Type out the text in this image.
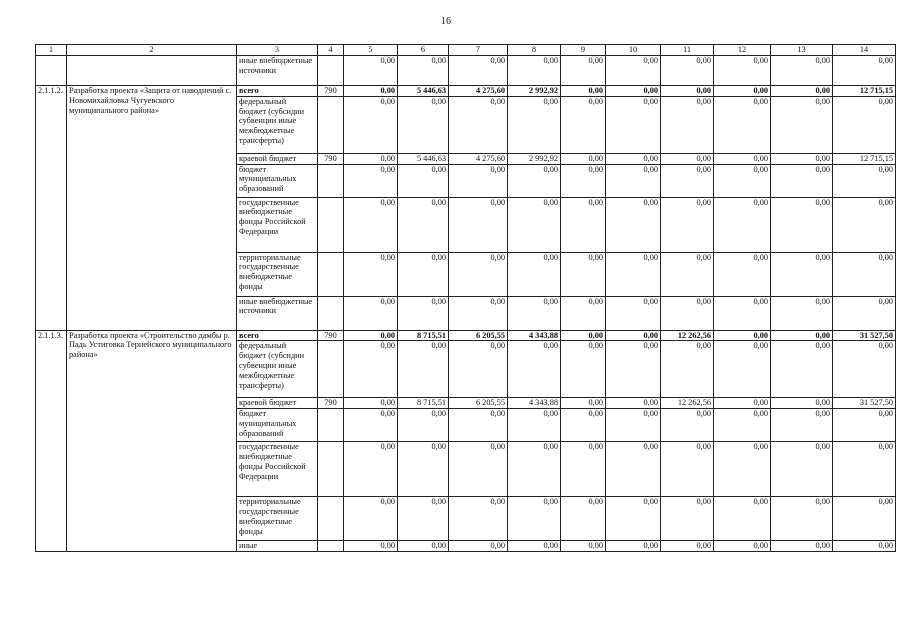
16
1	2	3	4	5	6	7	8	9	10	11	12	13	14
		иные внебюджетные источники		0,00	0,00	0,00	0,00	0,00	0,00	0,00	0,00	0,00	0,00
2.1.1.2.	Разработка проекта «Защита от наводнений с. Новомихайловка Чугуевского муниципального района»	всего	790	0,00	5 446,63	4 275,60	2 992,92	0,00	0,00	0,00	0,00	0,00	12 715,15
		федеральный бюджет (субсидии субвенции иные межбюджетные трансферты)		0,00	0,00	0,00	0,00	0,00	0,00	0,00	0,00	0,00	0,00
		краевой бюджет	790	0,00	5 446,63	4 275,60	2 992,92	0,00	0,00	0,00	0,00	0,00	12 715,15
		бюджет муниципальных образований		0,00	0,00	0,00	0,00	0,00	0,00	0,00	0,00	0,00	0,00
		государственные внебюджетные фонды Российской Федерации		0,00	0,00	0,00	0,00	0,00	0,00	0,00	0,00	0,00	0,00
		территориальные государственные внебюджетные фонды		0,00	0,00	0,00	0,00	0,00	0,00	0,00	0,00	0,00	0,00
		иные внебюджетные источники		0,00	0,00	0,00	0,00	0,00	0,00	0,00	0,00	0,00	0,00
2.1.1.3.	Разработка проекта «Строительство дамбы р. Падь Устиговка Тернейского муниципального района»	всего	790	0,00	8 715,51	6 205,55	4 343,88	0,00	0,00	12 262,56	0,00	0,00	31 527,50
		федеральный бюджет (субсидии субвенции иные межбюджетные трансферты)		0,00	0,00	0,00	0,00	0,00	0,00	0,00	0,00	0,00	0,00
		краевой бюджет	790	0,00	8 715,51	6 205,55	4 343,88	0,00	0,00	12 262,56	0,00	0,00	31 527,50
		бюджет муниципальных образований		0,00	0,00	0,00	0,00	0,00	0,00	0,00	0,00	0,00	0,00
		государственные внебюджетные фонды Российской Федерации		0,00	0,00	0,00	0,00	0,00	0,00	0,00	0,00	0,00	0,00
		территориальные государственные внебюджетные фонды		0,00	0,00	0,00	0,00	0,00	0,00	0,00	0,00	0,00	0,00
		иные		0,00	0,00	0,00	0,00	0,00	0,00	0,00	0,00	0,00	0,00
